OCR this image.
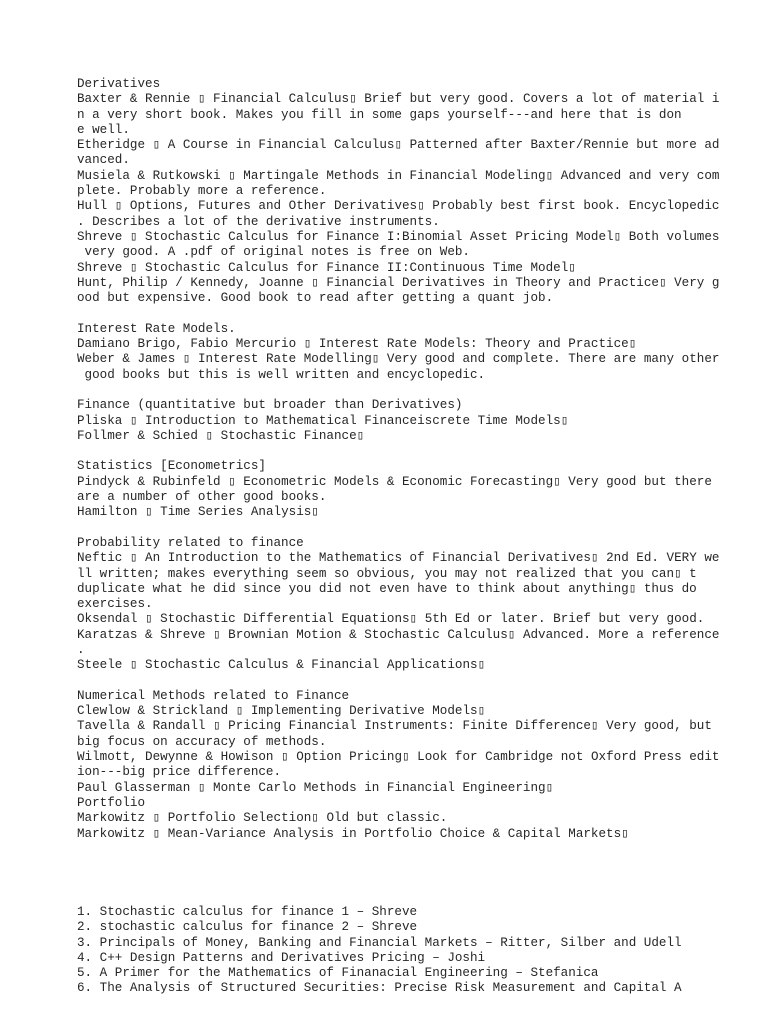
Derivatives
Baxter & Rennie ▯ Financial Calculus▯ Brief but very good. Covers a lot of material i
n a very short book. Makes you fill in some gaps yourself---and here that is don
e well.
Etheridge ▯ A Course in Financial Calculus▯ Patterned after Baxter/Rennie but more ad
vanced.
Musiela & Rutkowski ▯ Martingale Methods in Financial Modeling▯ Advanced and very com
plete. Probably more a reference.
Hull ▯ Options, Futures and Other Derivatives▯ Probably best first book. Encyclopedic
. Describes a lot of the derivative instruments.
Shreve ▯ Stochastic Calculus for Finance I:Binomial Asset Pricing Model▯ Both volumes
very good. A .pdf of original notes is free on Web.
Shreve ▯ Stochastic Calculus for Finance II:Continuous Time Model▯
Hunt, Philip / Kennedy, Joanne ▯ Financial Derivatives in Theory and Practice▯ Very g
ood but expensive. Good book to read after getting a quant job.
Interest Rate Models.
Damiano Brigo, Fabio Mercurio ▯ Interest Rate Models: Theory and Practice▯
Weber & James ▯ Interest Rate Modelling▯ Very good and complete. There are many other
good books but this is well written and encyclopedic.
Finance (quantitative but broader than Derivatives)
Pliska ▯ Introduction to Mathematical Financeiscrete Time Models▯
Follmer & Schied ▯ Stochastic Finance▯
Statistics [Econometrics]
Pindyck & Rubinfeld ▯ Econometric Models & Economic Forecasting▯ Very good but there
are a number of other good books.
Hamilton ▯ Time Series Analysis▯
Probability related to finance
Neftic ▯ An Introduction to the Mathematics of Financial Derivatives▯ 2nd Ed. VERY we
ll written; makes everything seem so obvious, you may not realized that you can▯ t
duplicate what he did since you did not even have to think about anything▯ thus do
exercises.
Oksendal ▯ Stochastic Differential Equations▯ 5th Ed or later. Brief but very good.
Karatzas & Shreve ▯ Brownian Motion & Stochastic Calculus▯ Advanced. More a reference
.
Steele ▯ Stochastic Calculus & Financial Applications▯
Numerical Methods related to Finance
Clewlow & Strickland ▯ Implementing Derivative Models▯
Tavella & Randall ▯ Pricing Financial Instruments: Finite Difference▯ Very good, but
big focus on accuracy of methods.
Wilmott, Dewynne & Howison ▯ Option Pricing▯ Look for Cambridge not Oxford Press edit
ion---big price difference.
Paul Glasserman ▯ Monte Carlo Methods in Financial Engineering▯
Portfolio
Markowitz ▯ Portfolio Selection▯ Old but classic.
Markowitz ▯ Mean-Variance Analysis in Portfolio Choice & Capital Markets▯
1. Stochastic calculus for finance 1 – Shreve
2. stochastic calculus for finance 2 – Shreve
3. Principals of Money, Banking and Financial Markets – Ritter, Silber and Udell
4. C++ Design Patterns and Derivatives Pricing – Joshi
5. A Primer for the Mathematics of Finanacial Engineering – Stefanica
6. The Analysis of Structured Securities: Precise Risk Measurement and Capital A
